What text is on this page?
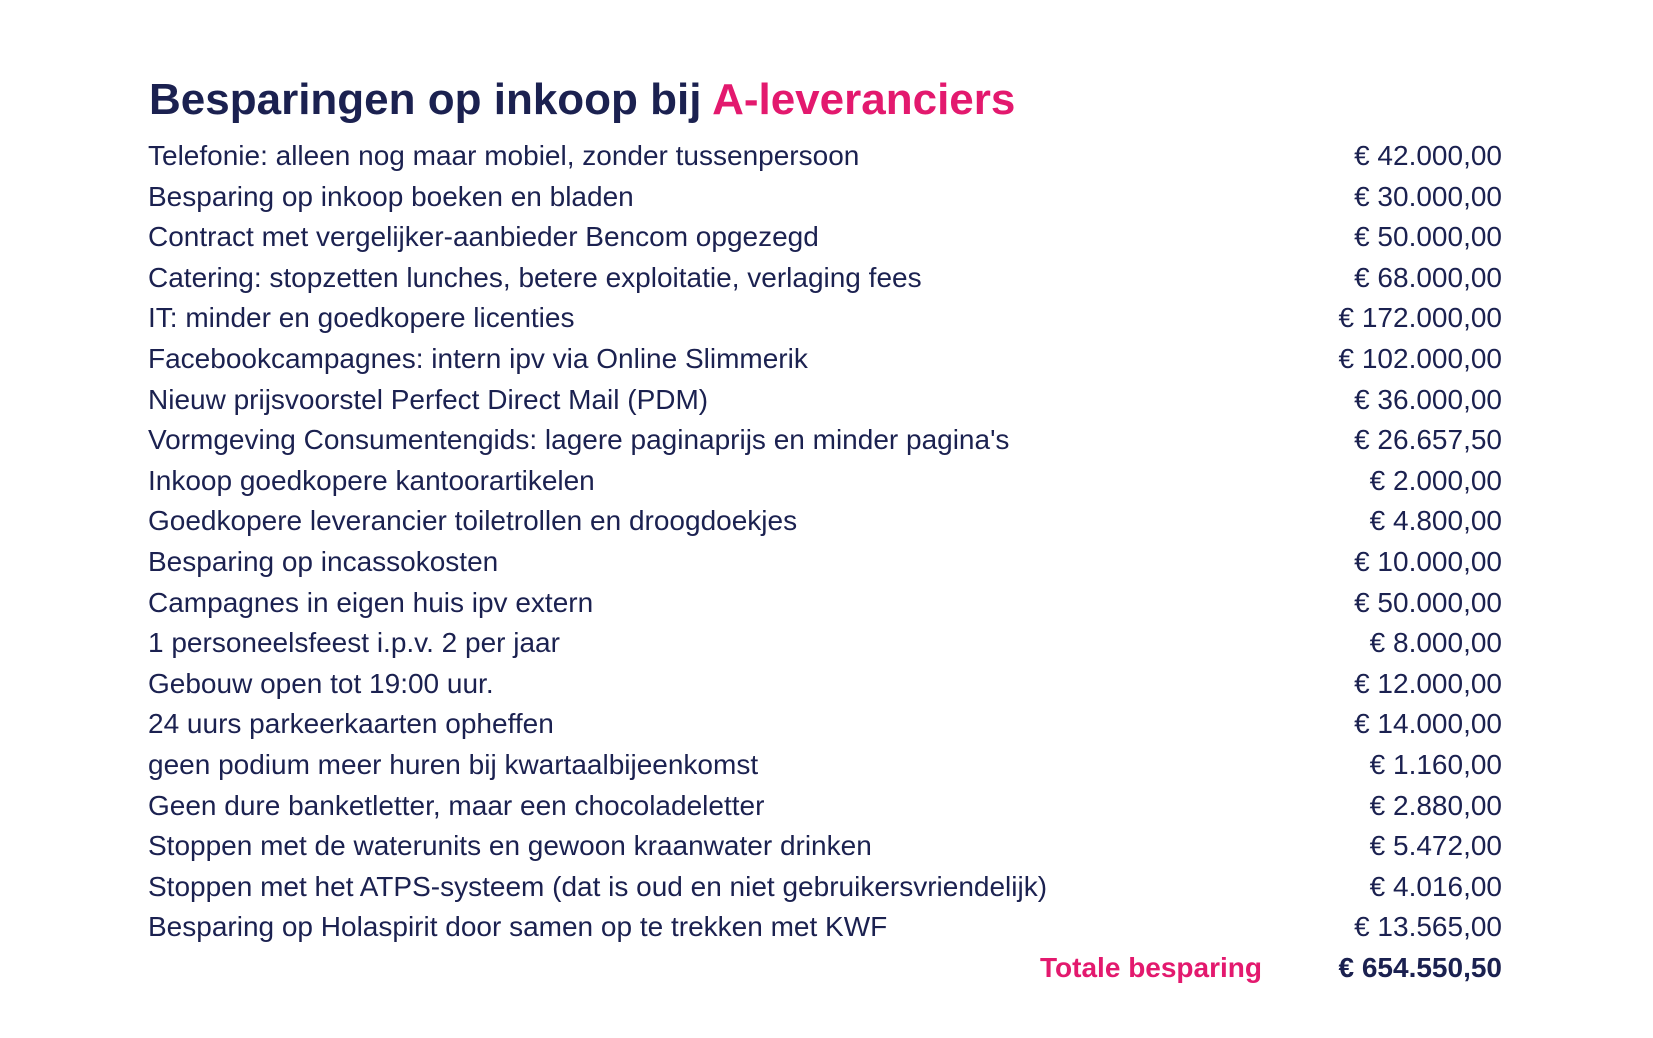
Besparingen op inkoop bij A-leveranciers
Telefonie: alleen nog maar mobiel, zonder tussenpersoon	€ 42.000,00
Besparing op inkoop boeken en bladen	€ 30.000,00
Contract met vergelijker-aanbieder Bencom opgezegd	€ 50.000,00
Catering: stopzetten lunches, betere exploitatie, verlaging fees	€ 68.000,00
IT: minder en goedkopere licenties	€ 172.000,00
Facebookcampagnes: intern ipv via Online Slimmerik	€ 102.000,00
Nieuw prijsvoorstel Perfect Direct Mail (PDM)	€ 36.000,00
Vormgeving Consumentengids: lagere paginaprijs en minder pagina's	€ 26.657,50
Inkoop goedkopere kantoorartikelen	€ 2.000,00
Goedkopere leverancier toiletrollen en droogdoekjes	€ 4.800,00
Besparing op incassokosten	€ 10.000,00
Campagnes in eigen huis ipv extern	€ 50.000,00
1 personeelsfeest i.p.v. 2 per jaar	€ 8.000,00
Gebouw open tot 19:00 uur.	€ 12.000,00
24 uurs parkeerkaarten opheffen	€ 14.000,00
geen podium meer huren bij kwartaalbijeenkomst	€ 1.160,00
Geen dure banketletter, maar een chocoladeletter	€ 2.880,00
Stoppen met de waterunits en gewoon kraanwater drinken	€ 5.472,00
Stoppen met het ATPS-systeem (dat is oud en niet gebruikersvriendelijk)	€ 4.016,00
Besparing op Holaspirit door samen op te trekken met KWF	€ 13.565,00
Totale besparing	€ 654.550,50
